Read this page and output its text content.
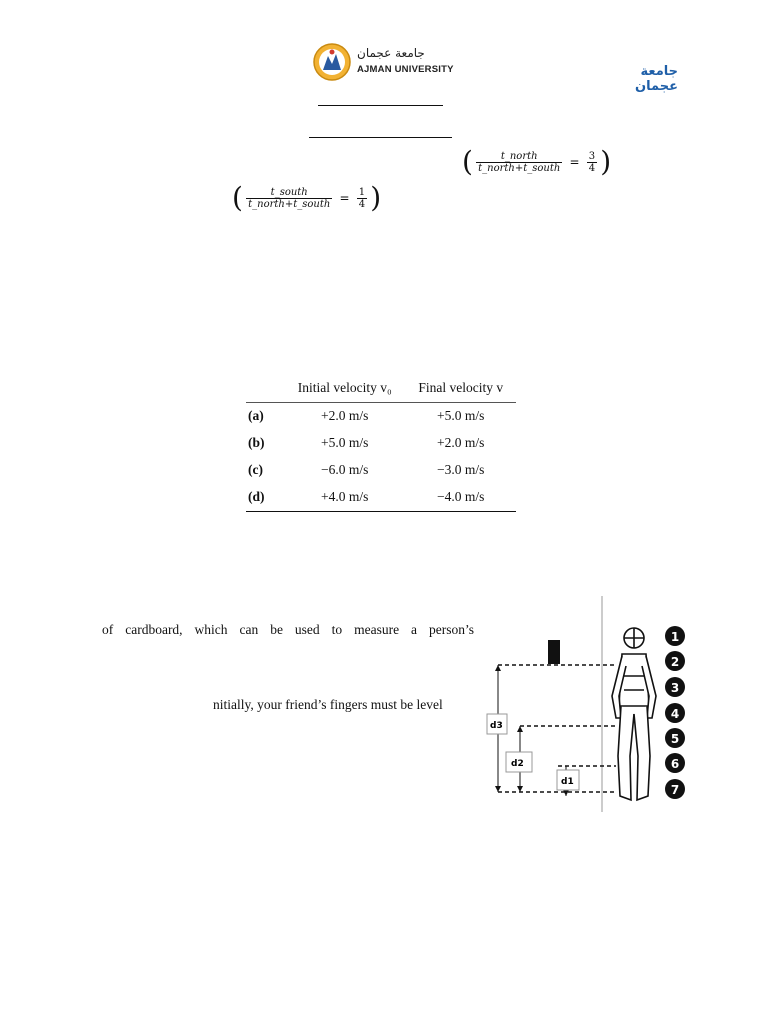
جامعة عجمان
AJMAN UNIVERSITY	جامعة عجمان
( $\frac{\text{t\_north}}{\text{t\_north+t\_south}} = \frac{3}{4}$ )
( $\frac{\text{t\_south}}{\text{t\_north+t\_south}} = \frac{1}{4}$ )
	Initial velocity v₀	Final velocity v
(a)	+2.0 m/s	+5.0 m/s
(b)	+5.0 m/s	+2.0 m/s
(c)	−6.0 m/s	−3.0 m/s
(d)	+4.0 m/s	−4.0 m/s
of cardboard, which can be used to measure a person’s
nitially, your friend’s fingers must be level
d3
d2
d1
1
2
3
4
5
6
7
